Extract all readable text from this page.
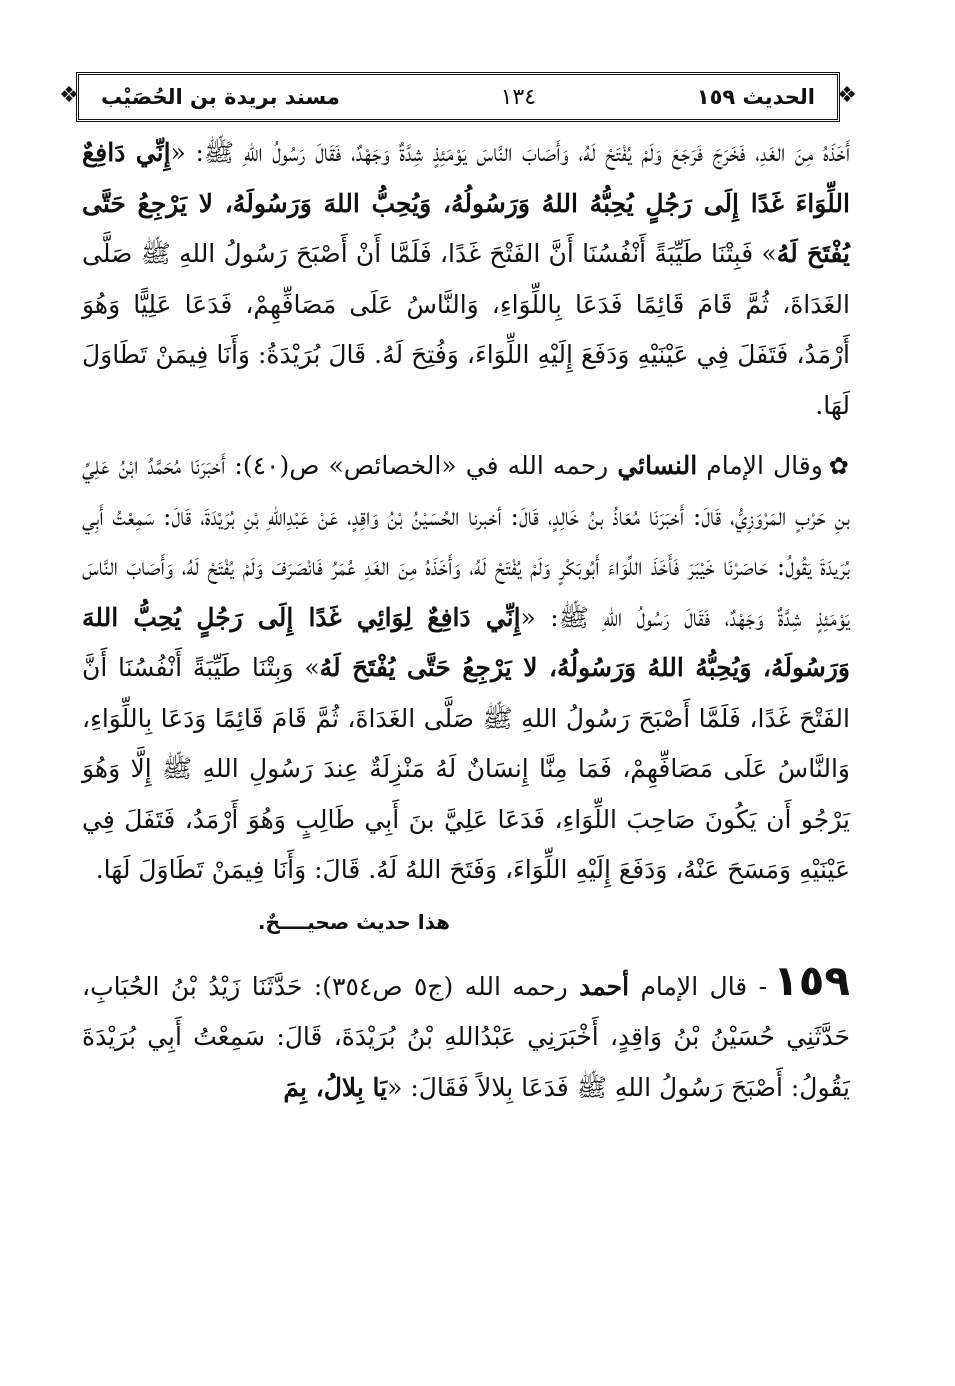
❖	الحديث ١٥٩
١٣٤
مسند بريدة بن الحُصَيْب	❖

أَخَذَهُ مِنَ الغَدِ، فَخَرَجَ فَرَجَعَ وَلَمْ يُفْتَحْ لَهُ، وَأَصَابَ النَّاسَ يَوْمَئِذٍ شِدَّةٌ وَجَهْدٌ، فَقَالَ رَسُولُ اللهِ ﷺ: «إِنِّي دَافِعٌ اللِّوَاءَ غَدًا إِلَى رَجُلٍ يُحِبُّهُ اللهُ وَرَسُولُهُ، وَيُحِبُّ اللهَ وَرَسُولَهُ، لا يَرْجِعُ حَتَّى يُفْتَحَ لَهُ» فَبِتْنَا طَيِّبَةً أَنْفُسُنَا أَنَّ الفَتْحَ غَدًا، فَلَمَّا أَنْ أَصْبَحَ رَسُولُ اللهِ ﷺ صَلَّى الغَدَاةَ، ثُمَّ قَامَ قَائِمًا فَدَعَا بِاللِّوَاءِ، وَالنَّاسُ عَلَى مَصَافِّهِمْ، فَدَعَا عَلِيًّا وَهُوَ أَرْمَدُ، فَتَفَلَ فِي عَيْنَيْهِ وَدَفَعَ إِلَيْهِ اللِّوَاءَ، وَفُتِحَ لَهُ. قَالَ بُرَيْدَةُ: وَأَنَا فِيمَنْ تَطَاوَلَ لَهَا.

✿وقال الإمام النسائي رحمه الله في «الخصائص» ص(٤٠): أَخبَرَنَا مُحَمَّدُ ابْنُ عَلِيِّ بنِ حَرْبٍ المَرْوَزِيُّ، قَالَ: أَخبَرَنَا مُعَاذُ بنُ خَالِدٍ، قَالَ: أخبرنا الحُسَيْنُ بْنُ وَاقِدٍ، عَنْ عَبْدِاللهِ بْنِ بُرَيْدَةَ، قَالَ: سَمِعْتُ أَبِي بُرَيدَةَ يَقُولُ: حَاصَرْنَا خَيْبَرَ فَأَخَذَ اللِّوَاءَ أَبُوبَكْرٍ وَلَمْ يُفْتَحْ لَهُ، وَأَخَذَهُ مِنَ الغَدِ عُمَرُ فَانْصَرَفَ وَلَمْ يُفْتَحْ لَهُ، وَأَصَابَ النَّاسَ يَوْمَئِذٍ شِدَّةٌ وَجَهْدٌ، فَقَالَ رَسُولُ اللهِ ﷺ: «إِنِّي دَافِعٌ لِوَائِي غَدًا إِلَى رَجُلٍ يُحِبُّ اللهَ وَرَسُولَهُ، وَيُحِبُّهُ اللهُ وَرَسُولُهُ، لا يَرْجِعُ حَتَّى يُفْتَحَ لَهُ» وَبِتْنَا طَيِّبَةً أَنْفُسُنَا أَنَّ الفَتْحَ غَدًا، فَلَمَّا أَصْبَحَ رَسُولُ اللهِ ﷺ صَلَّى الغَدَاةَ، ثُمَّ قَامَ قَائِمًا وَدَعَا بِاللِّوَاءِ، وَالنَّاسُ عَلَى مَصَافِّهِمْ، فَمَا مِنَّا إِنسَانٌ لَهُ مَنْزِلَةٌ عِندَ رَسُولِ اللهِ ﷺ إِلَّا وَهُوَ يَرْجُو أَن يَكُونَ صَاحِبَ اللِّوَاءِ، فَدَعَا عَلِيَّ بنَ أَبِي طَالِبٍ وَهُوَ أَرْمَدُ، فَتَفَلَ فِي عَيْنَيْهِ وَمَسَحَ عَنْهُ، وَدَفَعَ إِلَيْهِ اللِّوَاءَ، وَفَتَحَ اللهُ لَهُ. قَالَ: وَأَنَا فِيمَنْ تَطَاوَلَ لَهَا.

هذا حديث صحيــــحٌ.

١٥٩- قال الإمام أحمد رحمه الله (ج٥ ص٣٥٤): حَدَّثَنَا زَيْدُ بْنُ الحُبَابِ، حَدَّثَنِي حُسَيْنُ بْنُ وَاقِدٍ، أَخْبَرَنِي عَبْدُاللهِ بْنُ بُرَيْدَةَ، قَالَ: سَمِعْتُ أَبِي بُرَيْدَةَ يَقُولُ: أَصْبَحَ رَسُولُ اللهِ ﷺ فَدَعَا بِلالاً فَقَالَ: «يَا بِلالُ، بِمَ
